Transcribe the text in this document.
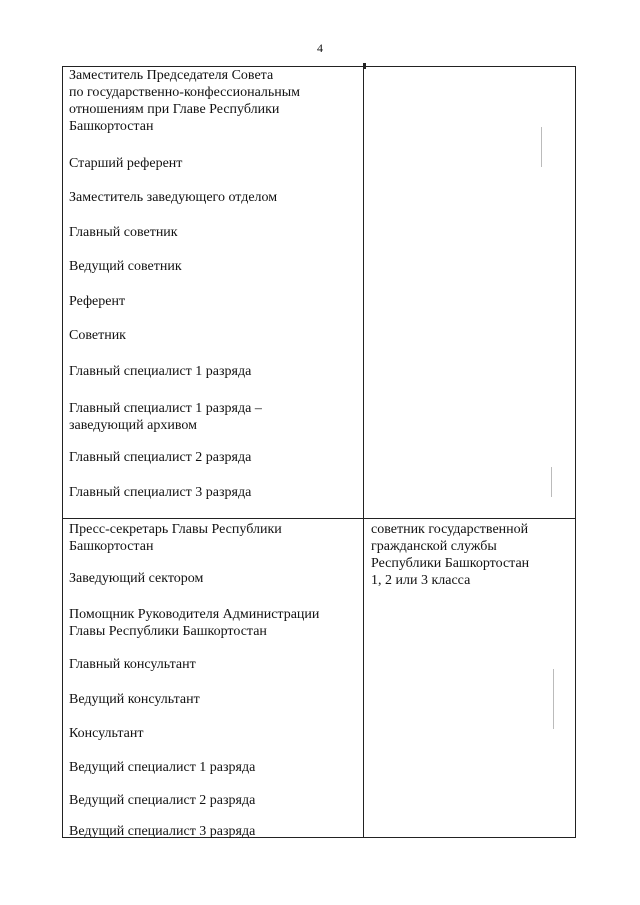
4
Заместитель Председателя Совета
по государственно-конфессиональным
отношениям при Главе Республики
Башкортостан
Старший референт
Заместитель заведующего отделом
Главный советник
Ведущий советник
Референт
Советник
Главный специалист 1 разряда
Главный специалист 1 разряда –
заведующий архивом
Главный специалист 2 разряда
Главный специалист 3 разряда
Пресс-секретарь Главы Республики
Башкортостан
Заведующий сектором
Помощник Руководителя Администрации
Главы Республики Башкортостан
Главный консультант
Ведущий консультант
Консультант
Ведущий специалист 1 разряда
Ведущий специалист 2 разряда
Ведущий специалист 3 разряда
советник государственной
гражданской службы
Республики Башкортостан
1, 2 или 3 класса
